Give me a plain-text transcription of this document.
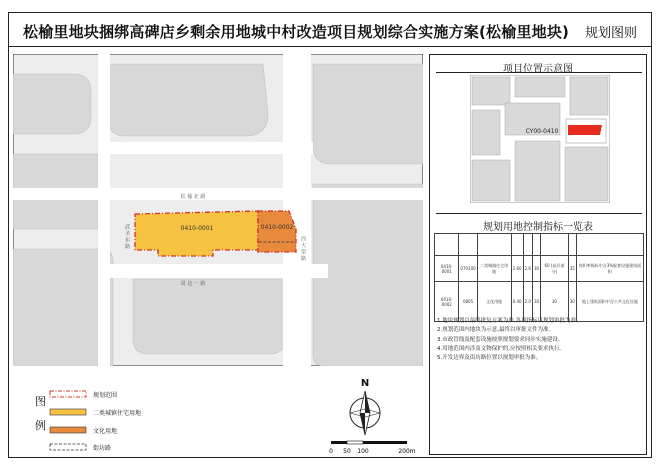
松榆里地块捆绑高碑店乡剩余用地城中村改造项目规划综合实施方案(松榆里地块) 规划图则
0410-0001	0410-0002
松 榆 北 路
周 边 一 路
武 圣 东 路	西 大 望 路
图
例
规划范围
二类城镇住宅用地
文化用地
街坊路
N
0 50 100	200m
项目位置示意图
CY00-0410
规划用地控制指标一览表

0410-0001	070100	二类城镇住宅用地	2.60	2.6	30	60 (高层部分)	35	容积率指标中含3%配套设施建筑面积
0410-0002	0805	文化用地	0.40	2.0	30	30	30	地上建筑面积中含公共文化设施
1.地块规划以最终批复方案为准,各项指标以规划审批为准。
2.规划范围内地块为示意,最终以审批文件为准。
3.市政管线及配套设施按照规划要求同步实施建设。
4.用地范围内涉及文物保护的,应按照相关要求执行。
5.开发边界及街坊路位置以规划审批为准。
